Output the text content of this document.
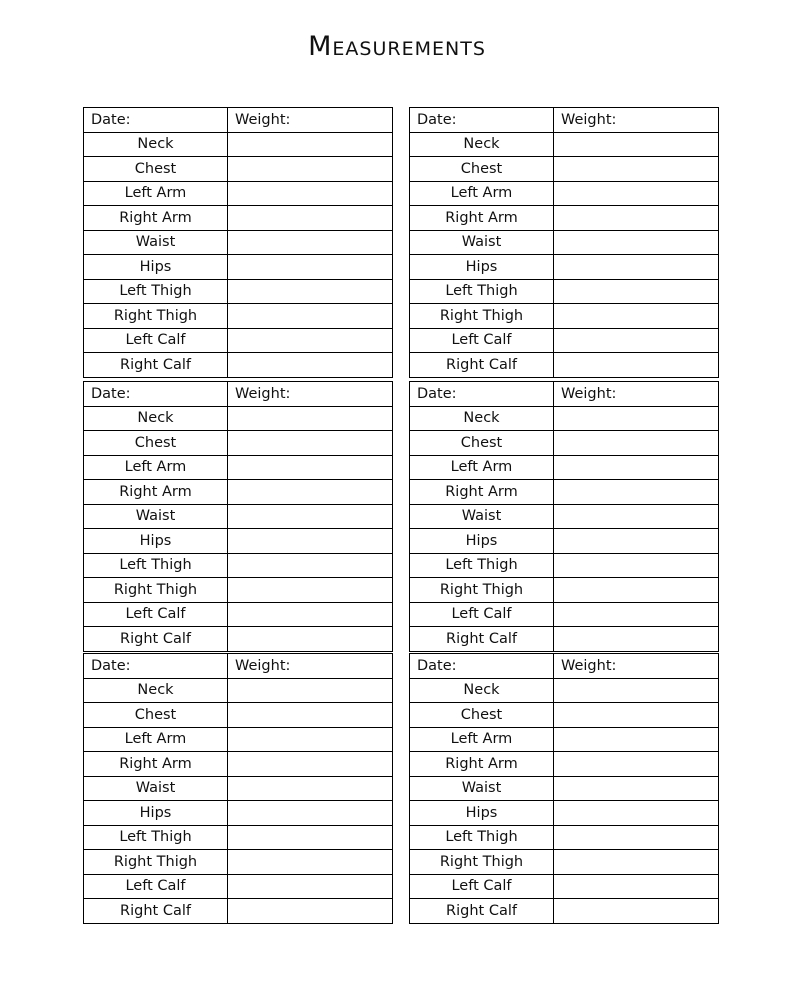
Measurements
Date:	Weight:
Neck	
Chest	
Left Arm	
Right Arm	
Waist	
Hips	
Left Thigh	
Right Thigh	
Left Calf	
Right Calf	
Date:	Weight:
Neck	
Chest	
Left Arm	
Right Arm	
Waist	
Hips	
Left Thigh	
Right Thigh	
Left Calf	
Right Calf	
Date:	Weight:
Neck	
Chest	
Left Arm	
Right Arm	
Waist	
Hips	
Left Thigh	
Right Thigh	
Left Calf	
Right Calf	
Date:	Weight:
Neck	
Chest	
Left Arm	
Right Arm	
Waist	
Hips	
Left Thigh	
Right Thigh	
Left Calf	
Right Calf	
Date:	Weight:
Neck	
Chest	
Left Arm	
Right Arm	
Waist	
Hips	
Left Thigh	
Right Thigh	
Left Calf	
Right Calf	
Date:	Weight:
Neck	
Chest	
Left Arm	
Right Arm	
Waist	
Hips	
Left Thigh	
Right Thigh	
Left Calf	
Right Calf	
